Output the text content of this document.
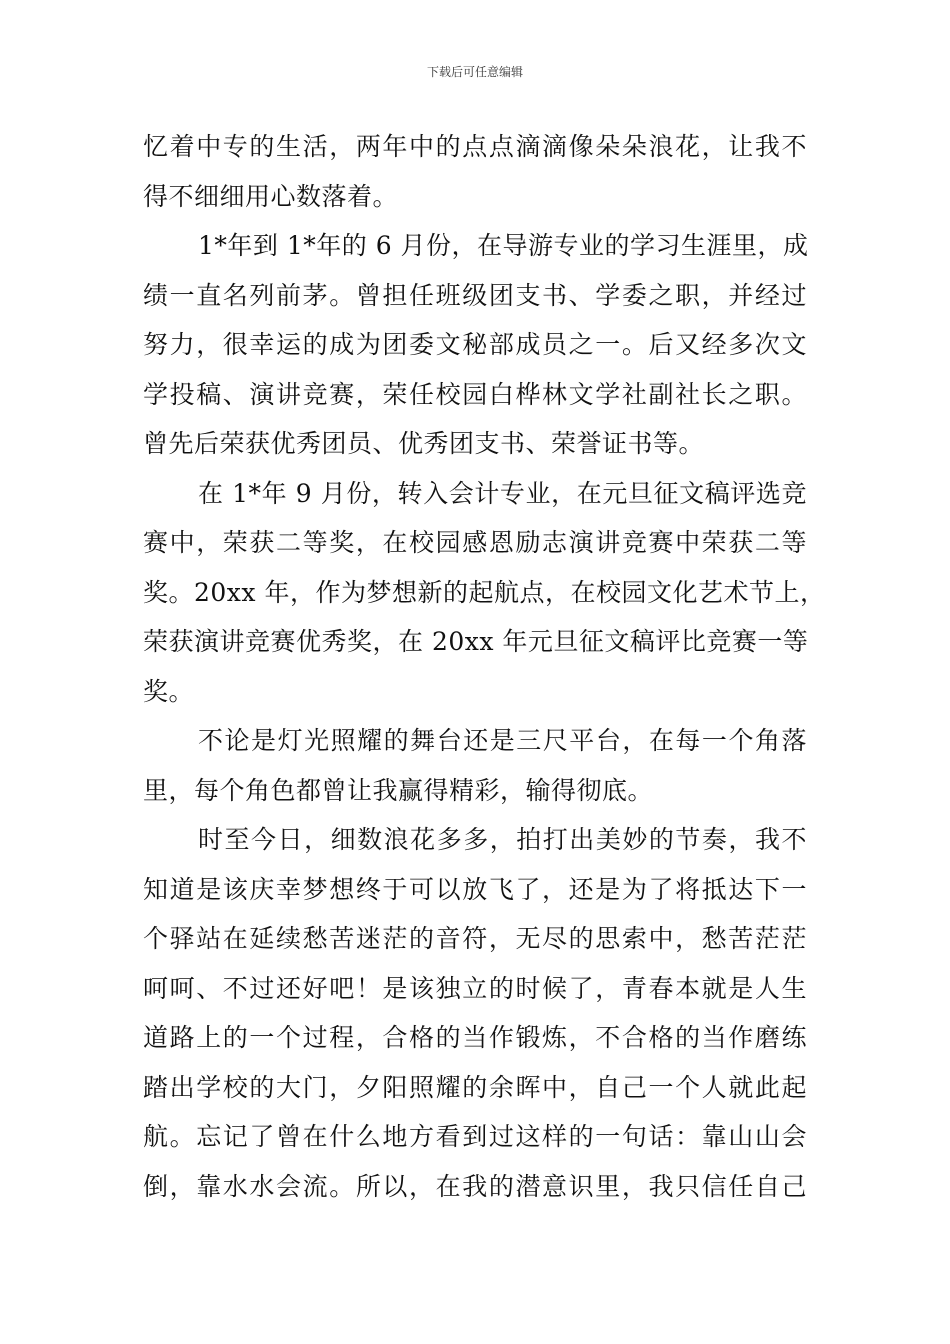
下载后可任意编辑
忆着中专的生活，两年中的点点滴滴像朵朵浪花，让我不
得不细细用心数落着。
1*年到 1*年的 6 月份，在导游专业的学习生涯里，成
绩一直名列前茅。曾担任班级团支书、学委之职，并经过
努力，很幸运的成为团委文秘部成员之一。后又经多次文
学投稿、演讲竞赛，荣任校园白桦林文学社副社长之职。
曾先后荣获优秀团员、优秀团支书、荣誉证书等。
在 1*年 9 月份，转入会计专业，在元旦征文稿评选竞
赛中，荣获二等奖，在校园感恩励志演讲竞赛中荣获二等
奖。20xx 年，作为梦想新的起航点，在校园文化艺术节上，
荣获演讲竞赛优秀奖，在 20xx 年元旦征文稿评比竞赛一等
奖。
不论是灯光照耀的舞台还是三尺平台，在每一个角落
里，每个角色都曾让我赢得精彩，输得彻底。
时至今日，细数浪花多多，拍打出美妙的节奏，我不
知道是该庆幸梦想终于可以放飞了，还是为了将抵达下一
个驿站在延续愁苦迷茫的音符，无尽的思索中，愁苦茫茫
呵呵、不过还好吧！是该独立的时候了，青春本就是人生
道路上的一个过程，合格的当作锻炼，不合格的当作磨练
踏出学校的大门，夕阳照耀的余晖中，自己一个人就此起
航。忘记了曾在什么地方看到过这样的一句话：靠山山会
倒，靠水水会流。所以，在我的潜意识里，我只信任自己
